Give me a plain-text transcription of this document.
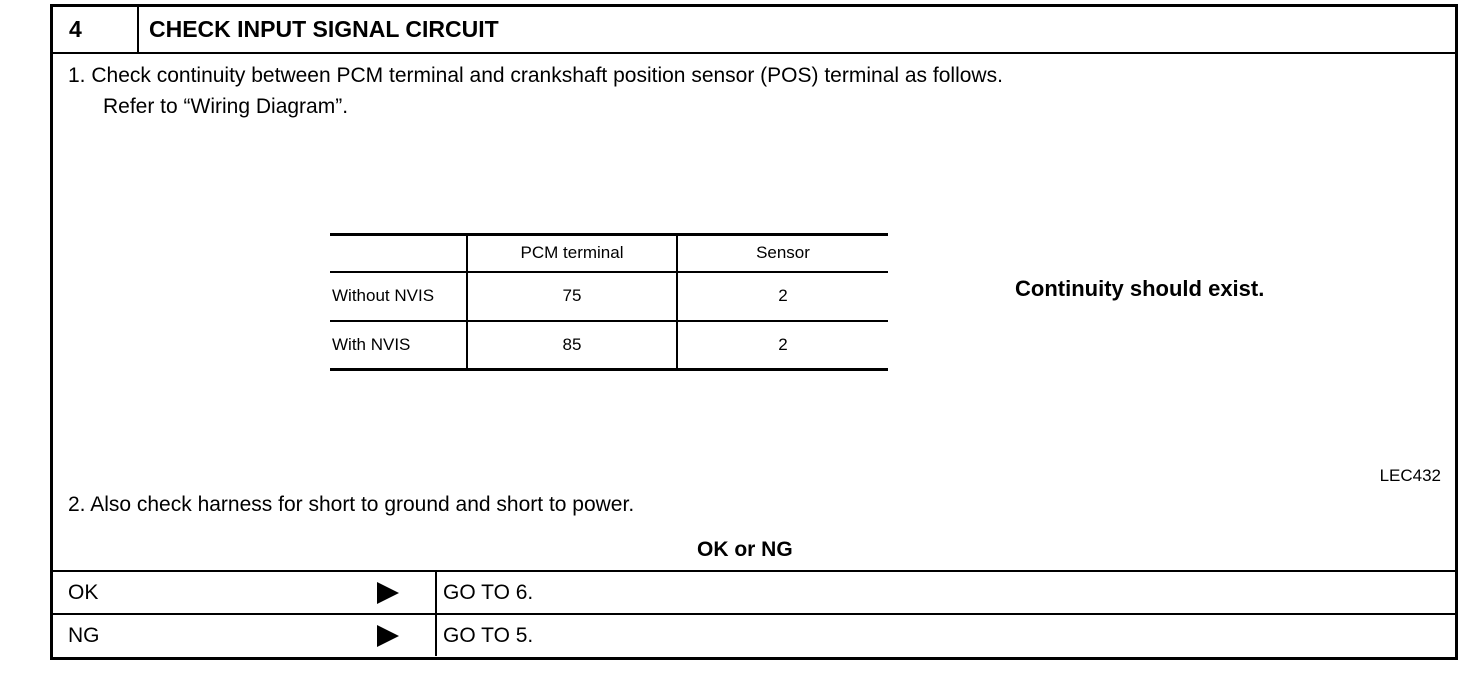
4	CHECK INPUT SIGNAL CIRCUIT
1. Check continuity between PCM terminal and crankshaft position sensor (POS) terminal as follows.
Refer to “Wiring Diagram”.
	PCM terminal	Sensor
Without NVIS	75	2
With NVIS	85	2
Continuity should exist.
LEC432
2. Also check harness for short to ground and short to power.
OK or NG
OK	GO TO 6.
NG	GO TO 5.
